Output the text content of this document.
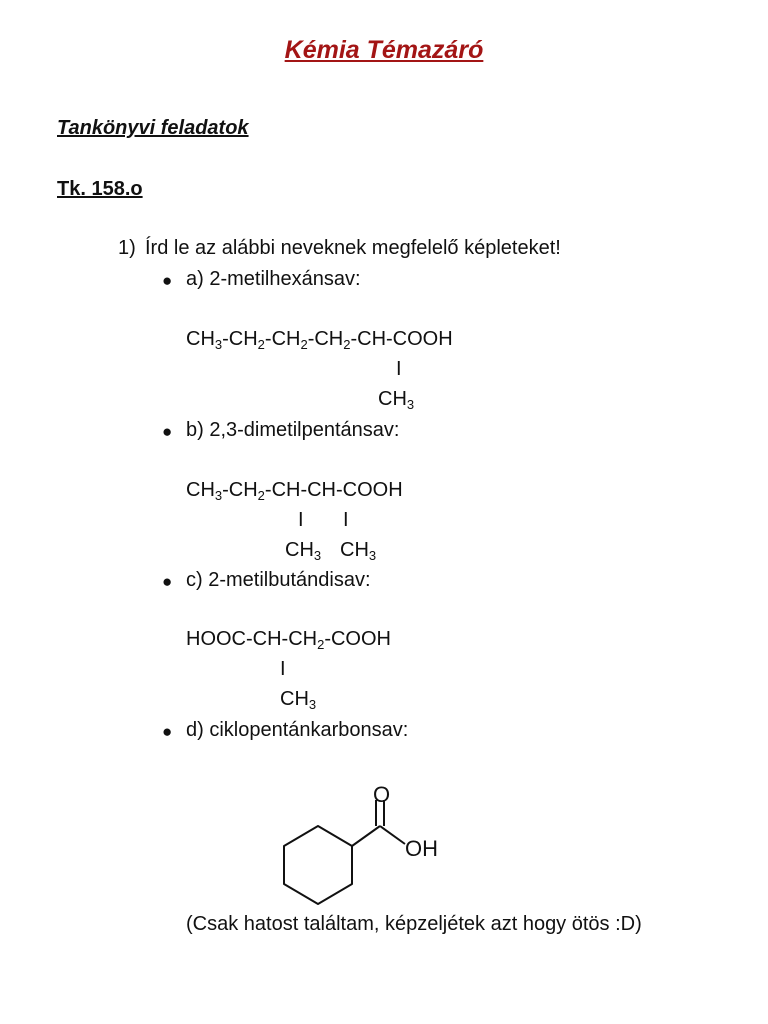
Kémia Témazáró
Tankönyvi feladatok
Tk. 158.o
1) Írd le az alábbi neveknek megfelelő képleteket!
● a) 2-metilhexánsav:
$CH_3-CH_2-CH_2-CH_2-CH$-COOH
I
$CH_3$
● b) 2,3-dimetilpentánsav:
$CH_3-CH_2-CH-CH$-COOH
I I
$CH_3$ $CH_3$
● c) 2-metilbutándisav:
HOOC-$CH-CH_2$-COOH
I
$CH_3$
● d) ciklopentánkarbonsav:
O
OH
(Csak hatost találtam, képzeljétek azt hogy ötös :D)
